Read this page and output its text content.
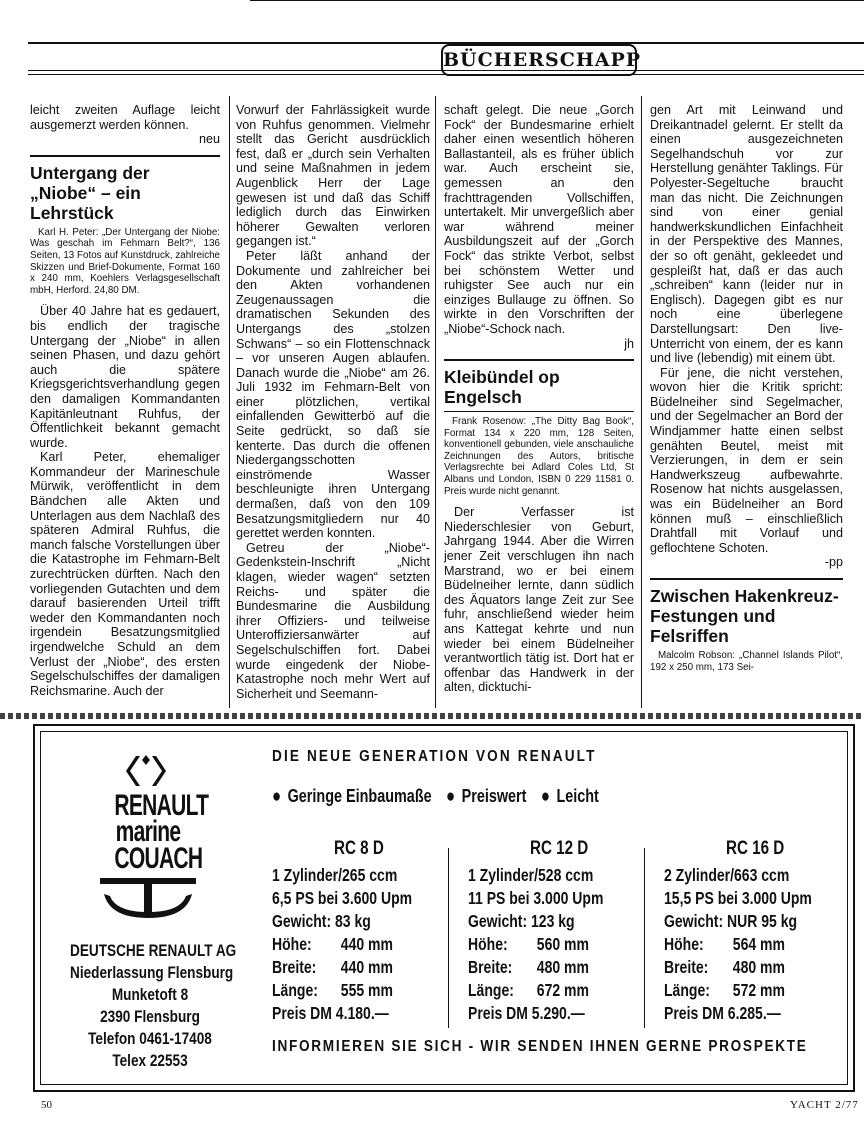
BÜCHERSCHAPP

leicht zweiten Auflage leicht ausgemerzt werden können.

neu

Untergang der „Niobe“ – ein Lehrstück

Karl H. Peter: „Der Untergang der Niobe: Was geschah im Fehmarn Belt?“, 136 Seiten, 13 Fotos auf Kunstdruck, zahlreiche Skizzen und Brief-Dokumente, Format 160 x 240 mm, Koehlers Verlagsgesellschaft mbH, Herford. 24,80 DM.

Über 40 Jahre hat es gedauert, bis endlich der tragische Untergang der „Niobe“ in allen seinen Phasen, und dazu gehört auch die spätere Kriegsgerichtsverhandlung gegen den damaligen Kommandanten Kapitänleutnant Ruhfus, der Öffentlichkeit bekannt gemacht wurde.

Karl Peter, ehemaliger Kommandeur der Marineschule Mürwik, veröffentlicht in dem Bändchen alle Akten und Unterlagen aus dem Nachlaß des späteren Admiral Ruhfus, die manch falsche Vorstellungen über die Katastrophe im Fehmarn-Belt zurechtrücken dürften. Nach den vorliegenden Gutachten und dem darauf basierenden Urteil trifft weder den Kommandanten noch irgendein Besatzungsmitglied irgendwelche Schuld an dem Verlust der „Niobe“, des ersten Segelschulschiffes der damaligen Reichsmarine. Auch der

Vorwurf der Fahrlässigkeit wurde von Ruhfus genommen. Vielmehr stellt das Gericht ausdrücklich fest, daß er „durch sein Verhalten und seine Maßnahmen in jedem Augenblick Herr der Lage gewesen ist und daß das Schiff lediglich durch das Einwirken höherer Gewalten verloren gegangen ist.“

Peter läßt anhand der Dokumente und zahlreicher bei den Akten vorhandenen Zeugenaussagen die dramatischen Sekunden des Untergangs des „stolzen Schwans“ – so ein Flottenschnack – vor unseren Augen ablaufen. Danach wurde die „Niobe“ am 26. Juli 1932 im Fehmarn-Belt von einer plötzlichen, vertikal einfallenden Gewitterbö auf die Seite gedrückt, so daß sie kenterte. Das durch die offenen Niedergangsschotten einströmende Wasser beschleunigte ihren Untergang dermaßen, daß von den 109 Besatzungsmitgliedern nur 40 gerettet werden konnten.

Getreu der „Niobe“-Gedenkstein-Inschrift „Nicht klagen, wieder wagen“ setzten Reichs- und später die Bundesmarine die Ausbildung ihrer Offiziers- und teilweise Unteroffiziersanwärter auf Segelschulschiffen fort. Dabei wurde eingedenk der Niobe-Katastrophe noch mehr Wert auf Sicherheit und Seemann-

schaft gelegt. Die neue „Gorch Fock“ der Bundesmarine erhielt daher einen wesentlich höheren Ballastanteil, als es früher üblich war. Auch erscheint sie, gemessen an den frachttragenden Vollschiffen, untertakelt. Mir unvergeßlich aber war während meiner Ausbildungszeit auf der „Gorch Fock“ das strikte Verbot, selbst bei schönstem Wetter und ruhigster See auch nur ein einziges Bullauge zu öffnen. So wirkte in den Vorschriften der „Niobe“-Schock nach.

jh

Kleibündel op Engelsch

Frank Rosenow: „The Ditty Bag Book“, Format 134 x 220 mm, 128 Seiten, konventionell gebunden, viele anschauliche Zeichnungen des Autors, britische Verlagsrechte bei Adlard Coles Ltd, St Albans und London, ISBN 0 229 11581 0. Preis wurde nicht genannt.

Der Verfasser ist Niederschlesier von Geburt, Jahrgang 1944. Aber die Wirren jener Zeit verschlugen ihn nach Marstrand, wo er bei einem Büdelneiher lernte, dann südlich des Äquators lange Zeit zur See fuhr, anschließend wieder heim ans Kattegat kehrte und nun wieder bei einem Büdelneiher verantwortlich tätig ist. Dort hat er offenbar das Handwerk in der alten, dicktuchi-

gen Art mit Leinwand und Dreikantnadel gelernt. Er stellt da einen ausgezeichneten Segelhandschuh vor zur Herstellung genähter Taklings. Für Polyester-Segeltuche braucht man das nicht. Die Zeichnungen sind von einer genial handwerkskundlichen Einfachheit in der Perspektive des Mannes, der so oft genäht, gekleedet und gespleißt hat, daß er das auch „schreiben“ kann (leider nur in Englisch). Dagegen gibt es nur noch eine überlegene Darstellungsart: Den live-Unterricht von einem, der es kann und live (lebendig) mit einem übt.

Für jene, die nicht verstehen, wovon hier die Kritik spricht: Büdelneiher sind Segelmacher, und der Segelmacher an Bord der Windjammer hatte einen selbst genähten Beutel, meist mit Verzierungen, in dem er sein Handwerkszeug aufbewahrte. Rosenow hat nichts ausgelassen, was ein Büdelneiher an Bord können muß – einschließlich Drahtfall mit Vorlauf und geflochtene Schoten.

-pp

Zwischen Hakenkreuz-Festungen und Felsriffen

Malcolm Robson: „Channel Islands Pilot“, 192 x 250 mm, 173 Sei-

DIE NEUE GENERATION VON RENAULT
● Geringe Einbaumaße	● Preiswert	● Leicht
RENAULT
marine
COUACH
DEUTSCHE RENAULT AG
Niederlassung Flensburg
Munketoft 8
2390 Flensburg
Telefon 0461-17408
Telex 22553
RC 8 D
1 Zylinder/265 ccm
6,5 PS bei 3.600 Upm
Gewicht: 83 kg
Höhe:	440 mm
Breite:	440 mm
Länge:	555 mm
Preis DM 4.180.—
RC 12 D
1 Zylinder/528 ccm
11 PS bei 3.000 Upm
Gewicht: 123 kg
Höhe:	560 mm
Breite:	480 mm
Länge:	672 mm
Preis DM 5.290.—
RC 16 D
2 Zylinder/663 ccm
15,5 PS bei 3.000 Upm
Gewicht: NUR 95 kg
Höhe:	564 mm
Breite:	480 mm
Länge:	572 mm
Preis DM 6.285.—
INFORMIEREN SIE SICH - WIR SENDEN IHNEN GERNE PROSPEKTE
50	YACHT 2/77
